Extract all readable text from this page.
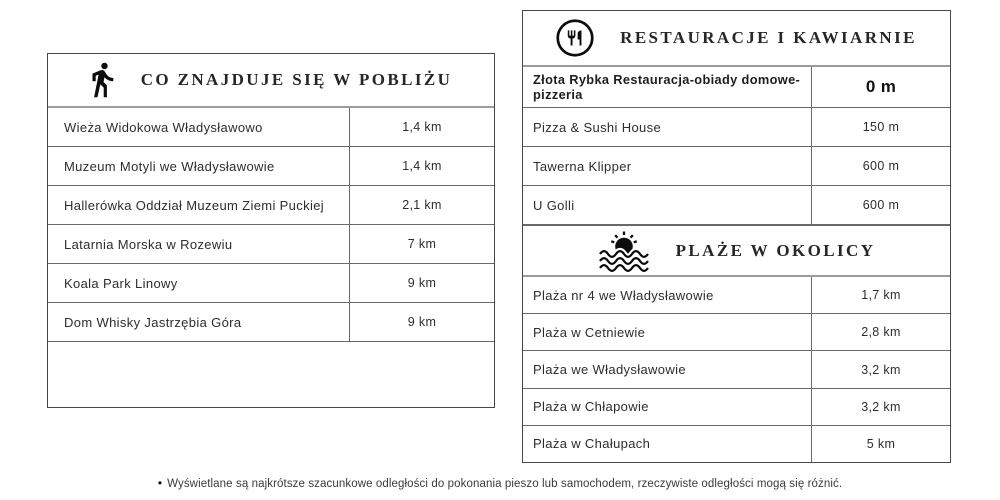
CO ZNAJDUJE SIĘ W POBLIŻU
Wieża Widokowa Władysławowo	1,4 km
Muzeum Motyli we Władysławowie	1,4 km
Hallerówka Oddział Muzeum Ziemi Puckiej	2,1 km
Latarnia Morska w Rozewiu	7 km
Koala Park Linowy	9 km
Dom Whisky Jastrzębia Góra	9 km
RESTAURACJE I KAWIARNIE
Złota Rybka Restauracja-obiady domowe-pizzeria	0 m
Pizza & Sushi House	150 m
Tawerna Klipper	600 m
U Golli	600 m
PLAŻE W OKOLICY
Plaża nr 4 we Władysławowie	1,7 km
Plaża w Cetniewie	2,8 km
Plaża we Władysławowie	3,2 km
Plaża w Chłapowie	3,2 km
Plaża w Chałupach	5 km
• Wyświetlane są najkrótsze szacunkowe odległości do pokonania pieszo lub samochodem, rzeczywiste odległości mogą się różnić.
